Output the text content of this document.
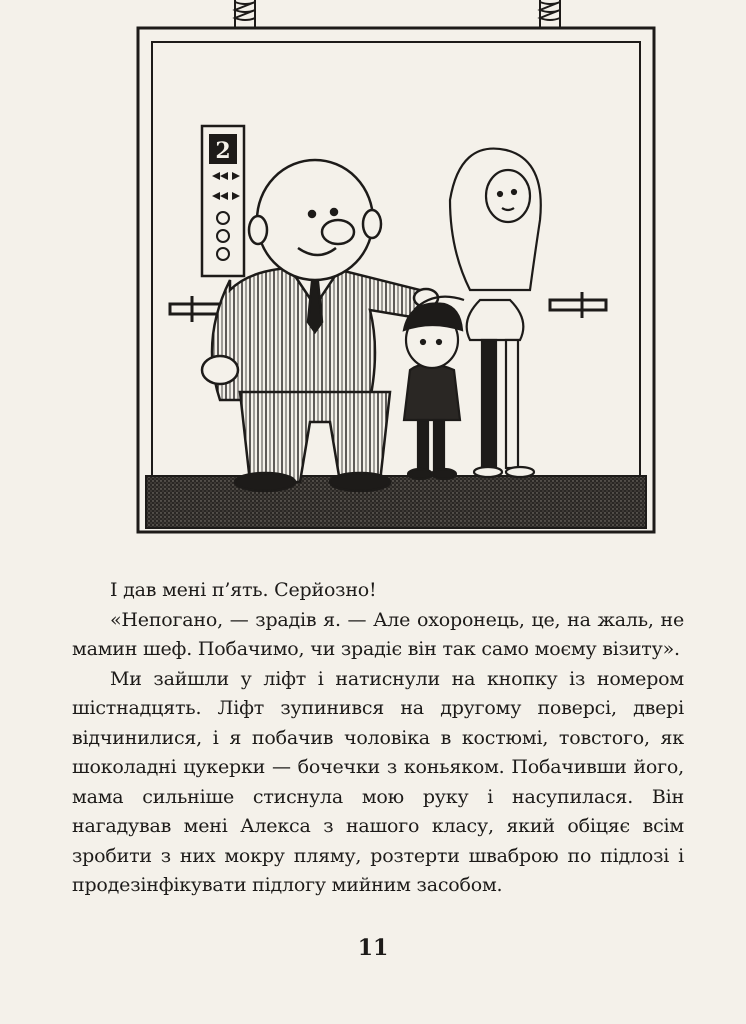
2

I дав менi п’ять. Серйозно!

«Непогано, — зрадiв я. — Але охоронець, це, на жаль, не мамин шеф. Побачимо, чи зрадiє вiн так само моєму вiзиту».

Ми зайшли у лiфт i натиснули на кнопку iз номером шiстнадцять. Лiфт зупинився на другому поверсi, дверi вiдчинилися, i я побачив чоловiка в костюмi, товстого, як шоколаднi цукерки — бочечки з коньяком. Побачивши його, мама сильнiше стиснула мою руку i насупилася. Вiн нагадував менi Алекса з нашого класу, який обiцяє всiм зробити з них мокру пляму, розтерти шваброю по пiдлозi i продезiнфiкувати пiдлогу мийним засобом.

11
